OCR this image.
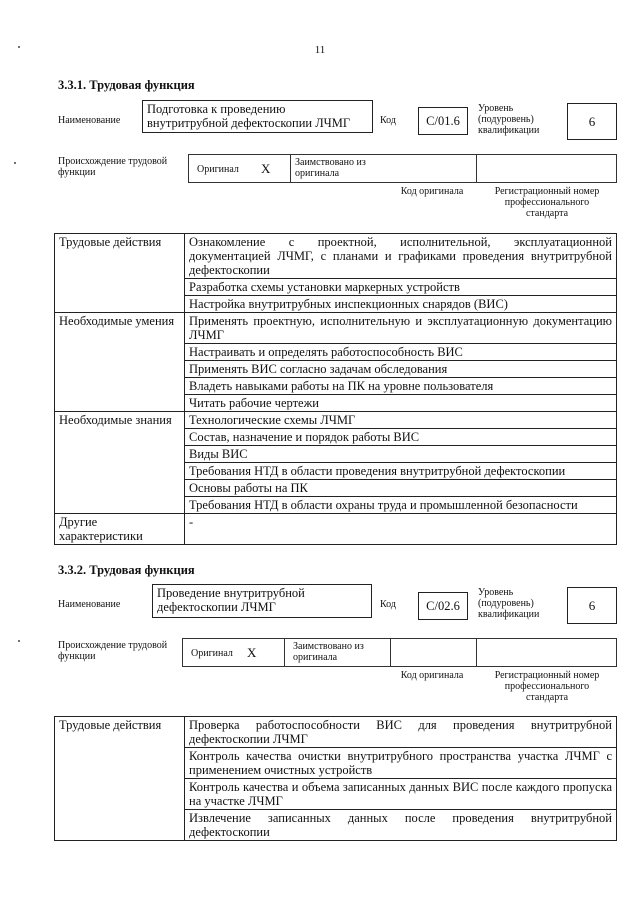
11
3.3.1. Трудовая функция
Наименование
Подготовка к проведению внутритрубной дефектоскопии ЛЧМГ	Код	С/01.6
Уровень (подуровень) квалификации
6
Происхождение трудовой функции	Оригинал X Заимствовано из оригинала
Код оригинала	Регистрационный номер профессионального стандарта
Трудовые действия	Ознакомление с проектной, исполнительной, эксплуатационной документацией ЛЧМГ, с планами и графиками проведения внутритрубной дефектоскопии
	Разработка схемы установки маркерных устройств
	Настройка внутритрубных инспекционных снарядов (ВИС)
Необходимые умения	Применять проектную, исполнительную и эксплуатационную документацию ЛЧМГ
	Настраивать и определять работоспособность ВИС
	Применять ВИС согласно задачам обследования
	Владеть навыками работы на ПК на уровне пользователя
	Читать рабочие чертежи
Необходимые знания	Технологические схемы ЛЧМГ
	Состав, назначение и порядок работы ВИС
	Виды ВИС
	Требования НТД в области проведения внутритрубной дефектоскопии
	Основы работы на ПК
	Требования НТД в области охраны труда и промышленной безопасности
Другие характеристики	-
3.3.2. Трудовая функция
Наименование
Проведение внутритрубной дефектоскопии ЛЧМГ	Код	С/02.6
Уровень (подуровень) квалификации
6
Происхождение трудовой функции	Оригинал X	Заимствовано из оригинала
Код оригинала	Регистрационный номер профессионального стандарта
Трудовые действия	Проверка работоспособности ВИС для проведения внутритрубной дефектоскопии ЛЧМГ
Контроль качества очистки внутритрубного пространства участка ЛЧМГ с применением очистных устройств
Контроль качества и объема записанных данных ВИС после каждого пропуска на участке ЛЧМГ
Извлечение записанных данных после проведения внутритрубной дефектоскопии
